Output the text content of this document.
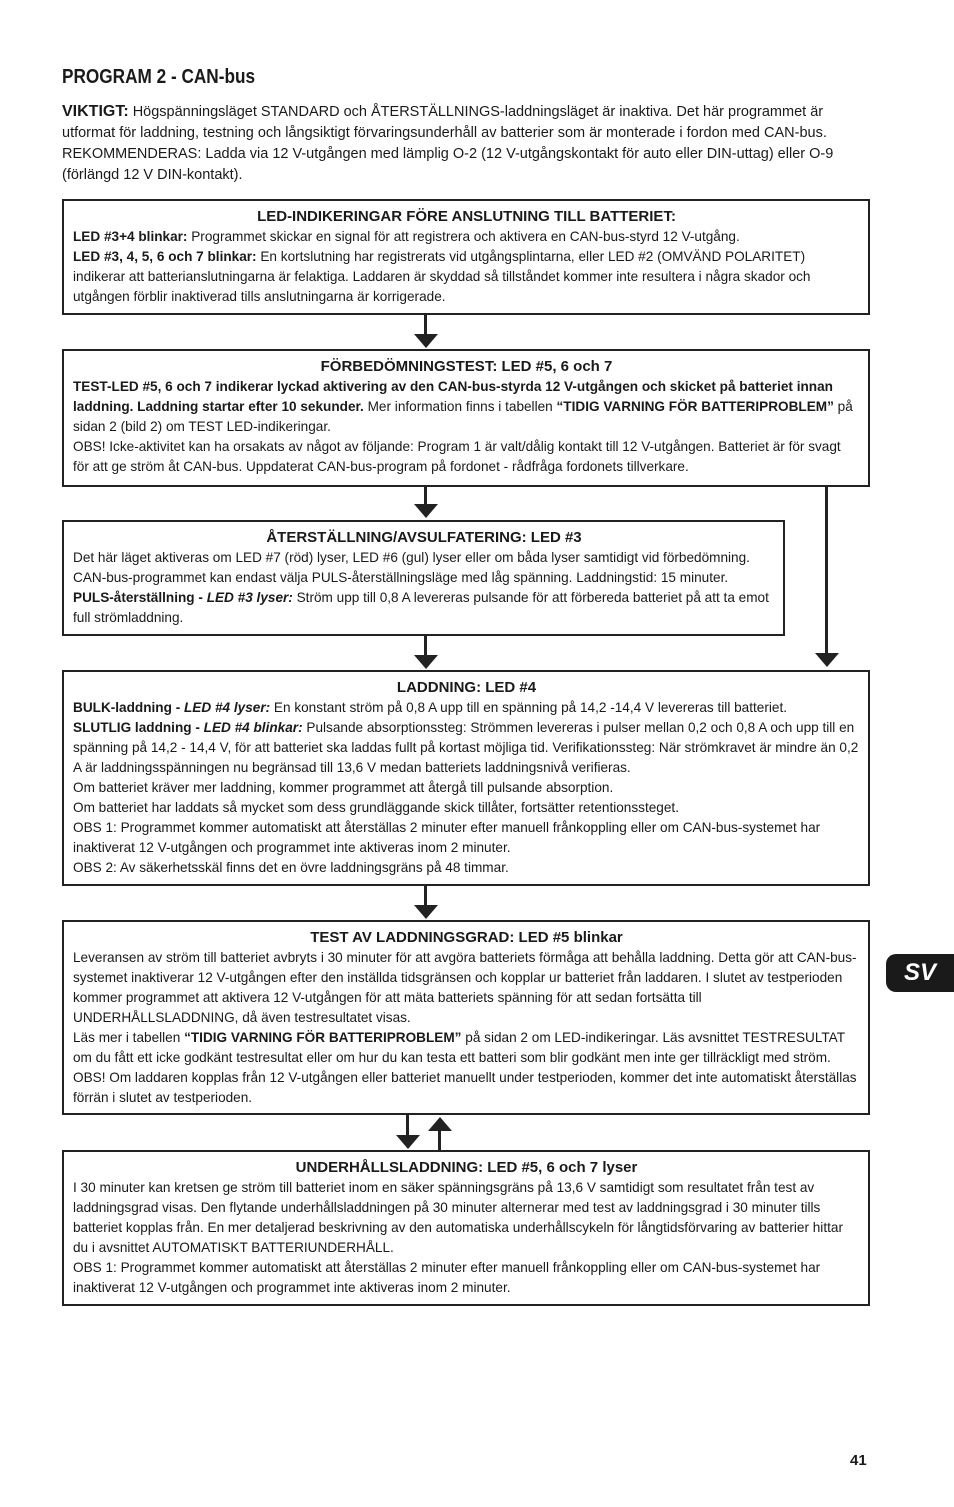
PROGRAM 2 - CAN-bus

VIKTIGT: Högspänningsläget STANDARD och ÅTERSTÄLLNINGS-laddningsläget är inaktiva. Det här programmet är utformat för laddning, testning och långsiktigt förvaringsunderhåll av batterier som är monterade i fordon med CAN-bus.

REKOMMENDERAS: Ladda via 12 V-utgången med lämplig O-2 (12 V-utgångskontakt för auto eller DIN-uttag) eller O-9 (förlängd 12 V DIN-kontakt).

LED-INDIKERINGAR FÖRE ANSLUTNING TILL BATTERIET:

LED #3+4 blinkar: Programmet skickar en signal för att registrera och aktivera en CAN-bus-styrd 12 V-utgång.

LED #3, 4, 5, 6 och 7 blinkar: En kortslutning har registrerats vid utgångsplintarna, eller LED #2 (OMVÄND POLARITET) indikerar att batterianslutningarna är felaktiga. Laddaren är skyddad så tillståndet kommer inte resultera i några skador och utgången förblir inaktiverad tills anslutningarna är korrigerade.

FÖRBEDÖMNINGSTEST: LED #5, 6 och 7

TEST-LED #5, 6 och 7 indikerar lyckad aktivering av den CAN-bus-styrda 12 V-utgången och skicket på batteriet innan laddning. Laddning startar efter 10 sekunder. Mer information finns i tabellen “TIDIG VARNING FÖR BATTERIPROBLEM” på sidan 2 (bild 2) om TEST LED-indikeringar.

OBS! Icke-aktivitet kan ha orsakats av något av följande: Program 1 är valt/dålig kontakt till 12 V-utgången. Batteriet är för svagt för att ge ström åt CAN-bus. Uppdaterat CAN-bus-program på fordonet - rådfråga fordonets tillverkare.

ÅTERSTÄLLNING/AVSULFATERING: LED #3

Det här läget aktiveras om LED #7 (röd) lyser, LED #6 (gul) lyser eller om båda lyser samtidigt vid förbedömning. CAN-bus-programmet kan endast välja PULS-återställningsläge med låg spänning. Laddningstid: 15 minuter.

PULS-återställning - LED #3 lyser: Ström upp till 0,8 A levereras pulsande för att förbereda batteriet på att ta emot full strömladdning.

LADDNING: LED #4

BULK-laddning - LED #4 lyser: En konstant ström på 0,8 A upp till en spänning på 14,2 -14,4 V levereras till batteriet.

SLUTLIG laddning - LED #4 blinkar: Pulsande absorptionssteg: Strömmen levereras i pulser mellan 0,2 och 0,8 A och upp till en spänning på 14,2 - 14,4 V, för att batteriet ska laddas fullt på kortast möjliga tid. Verifikationssteg: När strömkravet är mindre än 0,2 A är laddningsspänningen nu begränsad till 13,6 V medan batteriets laddningsnivå verifieras.

Om batteriet kräver mer laddning, kommer programmet att återgå till pulsande absorption.

Om batteriet har laddats så mycket som dess grundläggande skick tillåter, fortsätter retentionssteget.

OBS 1: Programmet kommer automatiskt att återställas 2 minuter efter manuell frånkoppling eller om CAN-bus-systemet har inaktiverat 12 V-utgången och programmet inte aktiveras inom 2 minuter.

OBS 2: Av säkerhetsskäl finns det en övre laddningsgräns på 48 timmar.

TEST AV LADDNINGSGRAD: LED #5 blinkar

Leveransen av ström till batteriet avbryts i 30 minuter för att avgöra batteriets förmåga att behålla laddning. Detta gör att CAN-bus-systemet inaktiverar 12 V-utgången efter den inställda tidsgränsen och kopplar ur batteriet från laddaren. I slutet av testperioden kommer programmet att aktivera 12 V-utgången för att mäta batteriets spänning för att sedan fortsätta till UNDERHÅLLSLADDNING, då även testresultatet visas.

Läs mer i tabellen “TIDIG VARNING FÖR BATTERIPROBLEM” på sidan 2 om LED-indikeringar. Läs avsnittet TESTRESULTAT om du fått ett icke godkänt testresultat eller om hur du kan testa ett batteri som blir godkänt men inte ger tillräckligt med ström.

OBS! Om laddaren kopplas från 12 V-utgången eller batteriet manuellt under testperioden, kommer det inte automatiskt återställas förrän i slutet av testperioden.

UNDERHÅLLSLADDNING: LED #5, 6 och 7 lyser

I 30 minuter kan kretsen ge ström till batteriet inom en säker spänningsgräns på 13,6 V samtidigt som resultatet från test av laddningsgrad visas. Den flytande underhållsladdningen på 30 minuter alternerar med test av laddningsgrad i 30 minuter tills batteriet kopplas från. En mer detaljerad beskrivning av den automatiska underhållscykeln för långtidsförvaring av batterier hittar du i avsnittet AUTOMATISKT BATTERIUNDERHÅLL.

OBS 1: Programmet kommer automatiskt att återställas 2 minuter efter manuell frånkoppling eller om CAN-bus-systemet har inaktiverat 12 V-utgången och programmet inte aktiveras inom 2 minuter.

SV
41
